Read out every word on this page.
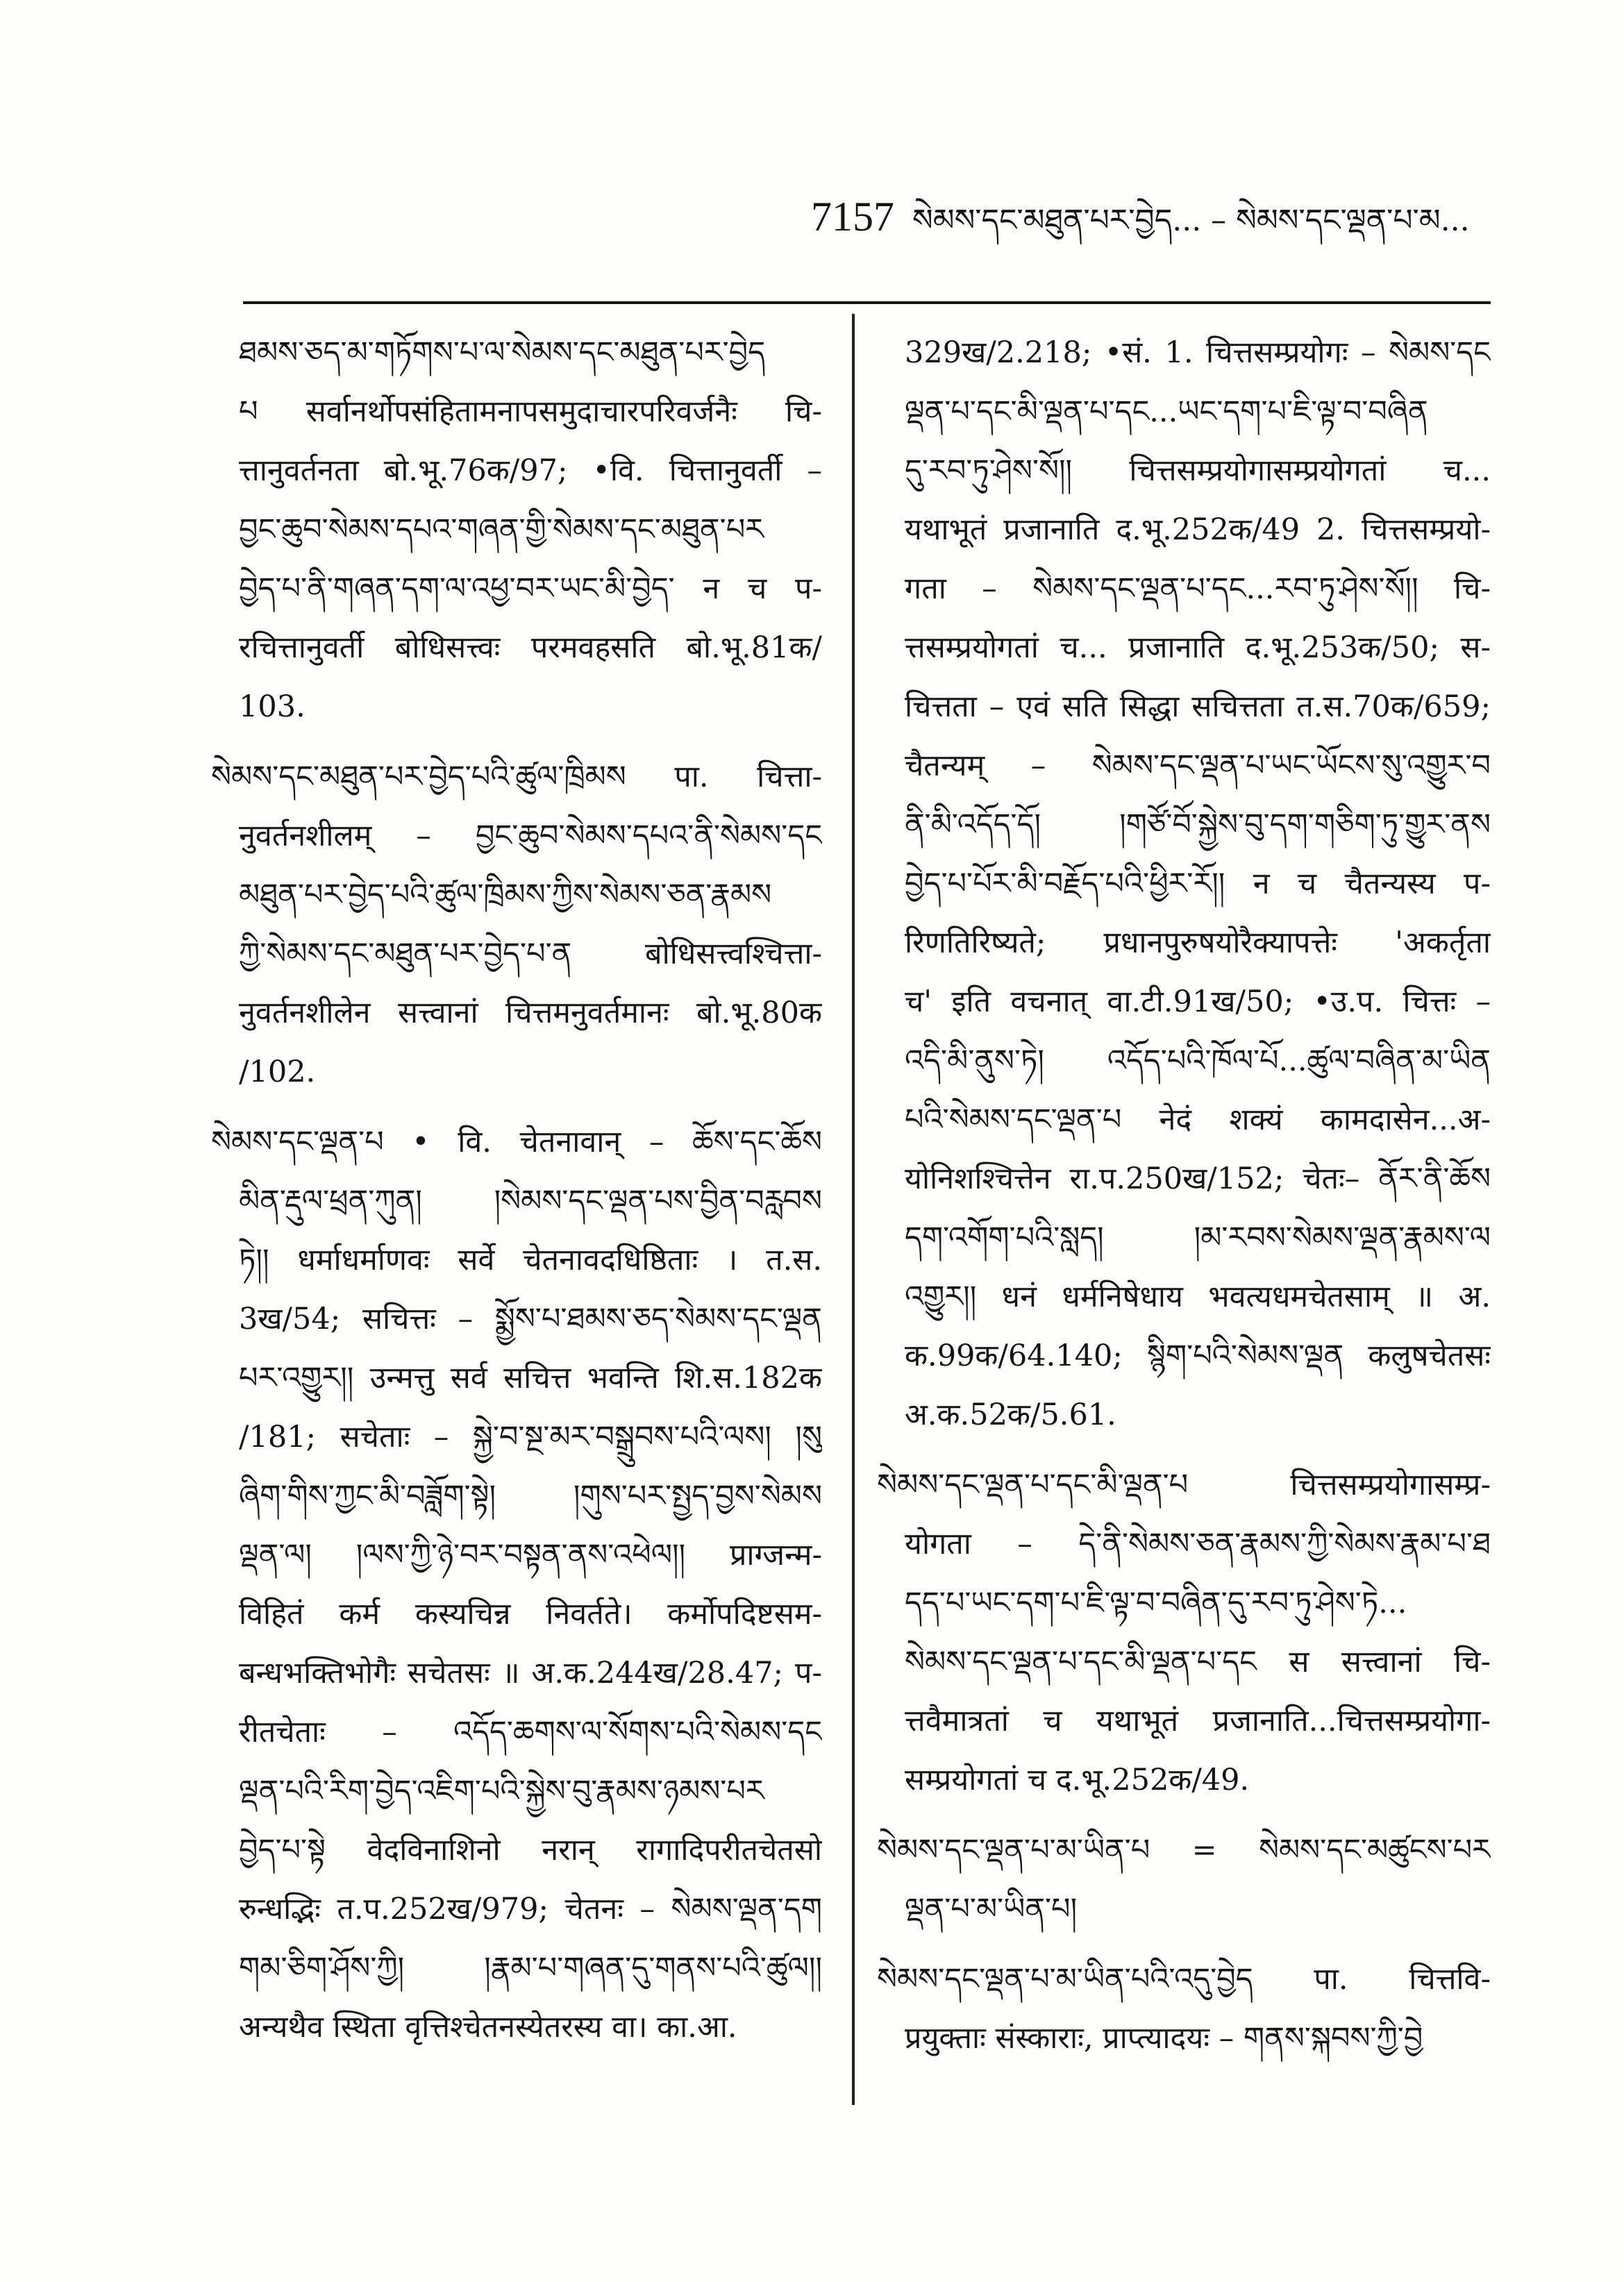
7157 སེམས་དང་མཐུན་པར་བྱེད... – སེམས་དང་ལྡན་པ་མ...
ཐམས་ཅད་མ་གཏོགས་པ་ལ་སེམས་དང་མཐུན་པར་བྱེད
པ सर्वानर्थोपसंहितामनापसमुदाचारपरिवर्जनैः चि-
त्तानुवर्तनता बो.भू.76क/97; •वि. चित्तानुवर्ती –
བྱང་ཆུབ་སེམས་དཔའ་གཞན་གྱི་སེམས་དང་མཐུན་པར
བྱེད་པ་ནི་གཞན་དག་ལ་འཕྱ་བར་ཡང་མི་བྱེད་ न च प-
रचित्तानुवर्ती बोधिसत्त्वः परमवहसति बो.भू.81क/
103.
སེམས་དང་མཐུན་པར་བྱེད་པའི་ཚུལ་ཁྲིམས पा. चित्ता-
नुवर्तनशीलम् – བྱང་ཆུབ་སེམས་དཔའ་ནི་སེམས་དང
མཐུན་པར་བྱེད་པའི་ཚུལ་ཁྲིམས་ཀྱིས་སེམས་ཅན་རྣམས
ཀྱི་སེམས་དང་མཐུན་པར་བྱེད་པ་ན बोधिसत्त्वश्चित्ता-
नुवर्तनशीलेन सत्त्वानां चित्तमनुवर्तमानः बो.भू.80क
/102.
སེམས་དང་ལྡན་པ • वि. चेतनावान् – ཆོས་དང་ཆོས
མིན་རྡུལ་ཕྲན་ཀུན། །སེམས་དང་ལྡན་པས་བྱིན་བརླབས
ཏེ།། धर्माधर्माणवः सर्वे चेतनावदधिष्ठिताः । त.स.
3ख/54; सचित्तः – སྨྱོས་པ་ཐམས་ཅད་སེམས་དང་ལྡན
པར་འགྱུར།། उन्मत्तु सर्व सचित्त भवन्ति शि.स.182क
/181; सचेताः – སྐྱེ་བ་སྔ་མར་བསྒྲུབས་པའི་ལས། །སུ
ཞིག་གིས་ཀྱང་མི་བཟློག་སྟེ། །གུས་པར་སྤྱད་བྱས་སེམས
ལྡན་ལ། །ལས་ཀྱི་ཉེ་བར་བསྟན་ནས་འཕེལ།། प्राग्जन्म-
विहितं कर्म कस्यचिन्न निवर्तते। कर्मोपदिष्टसम-
बन्धभक्तिभोगैः सचेतसः ॥ अ.क.244ख/28.47; प-
रीतचेताः – འདོད་ཆགས་ལ་སོགས་པའི་སེམས་དང
ལྡན་པའི་རིག་བྱེད་འཇིག་པའི་སྐྱེས་བུ་རྣམས་ཉམས་པར
བྱེད་པ་སྟེ वेदविनाशिनो नरान् रागादिपरीतचेतसो
रुन्धद्भिः त.प.252ख/979; चेतनः – སེམས་ལྡན་དག
གམ་ཅིག་ཤོས་ཀྱི། །རྣམ་པ་གཞན་དུ་གནས་པའི་ཚུལ།།
अन्यथैव स्थिता वृत्तिश्चेतनस्येतरस्य वा। का.आ.
329ख/2.218; •सं. 1. चित्तसम्प्रयोगः – སེམས་དང
ལྡན་པ་དང་མི་ལྡན་པ་དང...ཡང་དག་པ་ཇི་ལྟ་བ་བཞིན
དུ་རབ་ཏུ་ཤེས་སོ།། चित्तसम्प्रयोगासम्प्रयोगतां च...
यथाभूतं प्रजानाति द.भू.252क/49 2. चित्तसम्प्रयो-
गता – སེམས་དང་ལྡན་པ་དང...རབ་ཏུ་ཤེས་སོ།། चि-
त्तसम्प्रयोगतां च... प्रजानाति द.भू.253क/50; स-
चित्तता – एवं सति सिद्धा सचित्तता त.स.70क/659;
चैतन्यम् – སེམས་དང་ལྡན་པ་ཡང་ཡོངས་སུ་འགྱུར་བ
ནི་མི་འདོད་དོ། །གཙོ་བོ་སྐྱེས་བུ་དག་གཅིག་ཏུ་གྱུར་ནས
བྱེད་པ་པོར་མི་བརྗོད་པའི་ཕྱིར་རོ།། न च चैतन्यस्य प-
रिणतिरिष्यते; प्रधानपुरुषयोरैक्यापत्तेः 'अकर्तृता
च' इति वचनात् वा.टी.91ख/50; •उ.प. चित्तः –
འདི་མི་ནུས་ཏེ། འདོད་པའི་ཁོལ་པོ...ཚུལ་བཞིན་མ་ཡིན
པའི་སེམས་དང་ལྡན་པ नेदं शक्यं कामदासेन...अ-
योनिशश्चित्तेन रा.प.250ख/152; चेतः– ནོར་ནི་ཆོས
དག་འགོག་པའི་སླད། །མ་རབས་སེམས་ལྡན་རྣམས་ལ
འགྱུར།། धनं धर्मनिषेधाय भवत्यधमचेतसाम् ॥ अ.
क.99क/64.140; སྙིག་པའི་སེམས་ལྡན कलुषचेतसः
अ.क.52क/5.61.
སེམས་དང་ལྡན་པ་དང་མི་ལྡན་པ चित्तसम्प्रयोगासम्प्र-
योगता – དེ་ནི་སེམས་ཅན་རྣམས་ཀྱི་སེམས་རྣམ་པ་ཐ
དད་པ་ཡང་དག་པ་ཇི་ལྟ་བ་བཞིན་དུ་རབ་ཏུ་ཤེས་ཏེ...
སེམས་དང་ལྡན་པ་དང་མི་ལྡན་པ་དང स सत्त्वानां चि-
त्तवैमात्रतां च यथाभूतं प्रजानाति...चित्तसम्प्रयोगा-
सम्प्रयोगतां च द.भू.252क/49.
སེམས་དང་ལྡན་པ་མ་ཡིན་པ = སེམས་དང་མཚུངས་པར
ལྡན་པ་མ་ཡིན་པ།
སེམས་དང་ལྡན་པ་མ་ཡིན་པའི་འདུ་བྱེད पा. चित्तवि-
प्रयुक्ताः संस्काराः, प्राप्त्यादयः – གནས་སྐབས་ཀྱི་བྱེ
